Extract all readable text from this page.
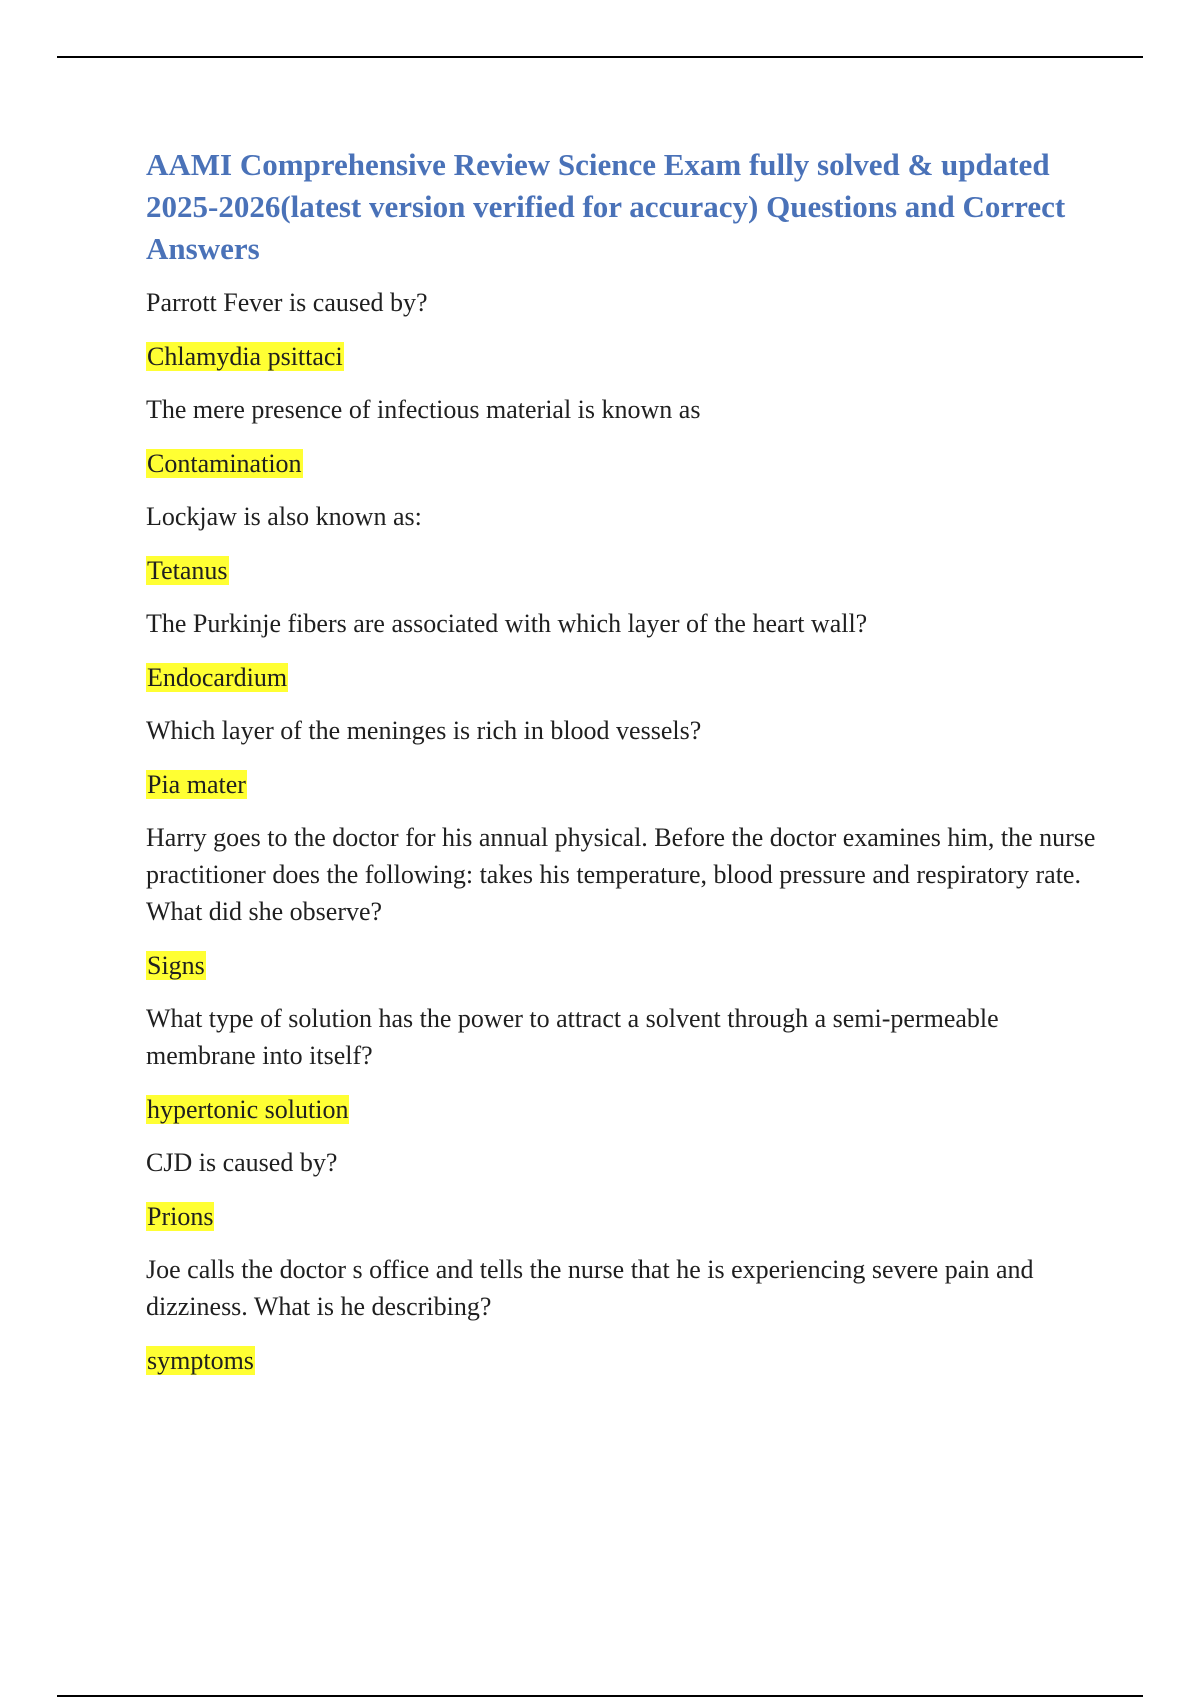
AAMI Comprehensive Review Science Exam fully solved & updated 2025-2026(latest version verified for accuracy) Questions and Correct Answers

Parrott Fever is caused by?

Chlamydia psittaci

The mere presence of infectious material is known as

Contamination

Lockjaw is also known as:

Tetanus

The Purkinje fibers are associated with which layer of the heart wall?

Endocardium

Which layer of the meninges is rich in blood vessels?

Pia mater

Harry goes to the doctor for his annual physical. Before the doctor examines him, the nurse practitioner does the following: takes his temperature, blood pressure and respiratory rate. What did she observe?

Signs

What type of solution has the power to attract a solvent through a semi-permeable membrane into itself?

hypertonic solution

CJD is caused by?

Prions

Joe calls the doctor s office and tells the nurse that he is experiencing severe pain and dizziness. What is he describing?

symptoms
